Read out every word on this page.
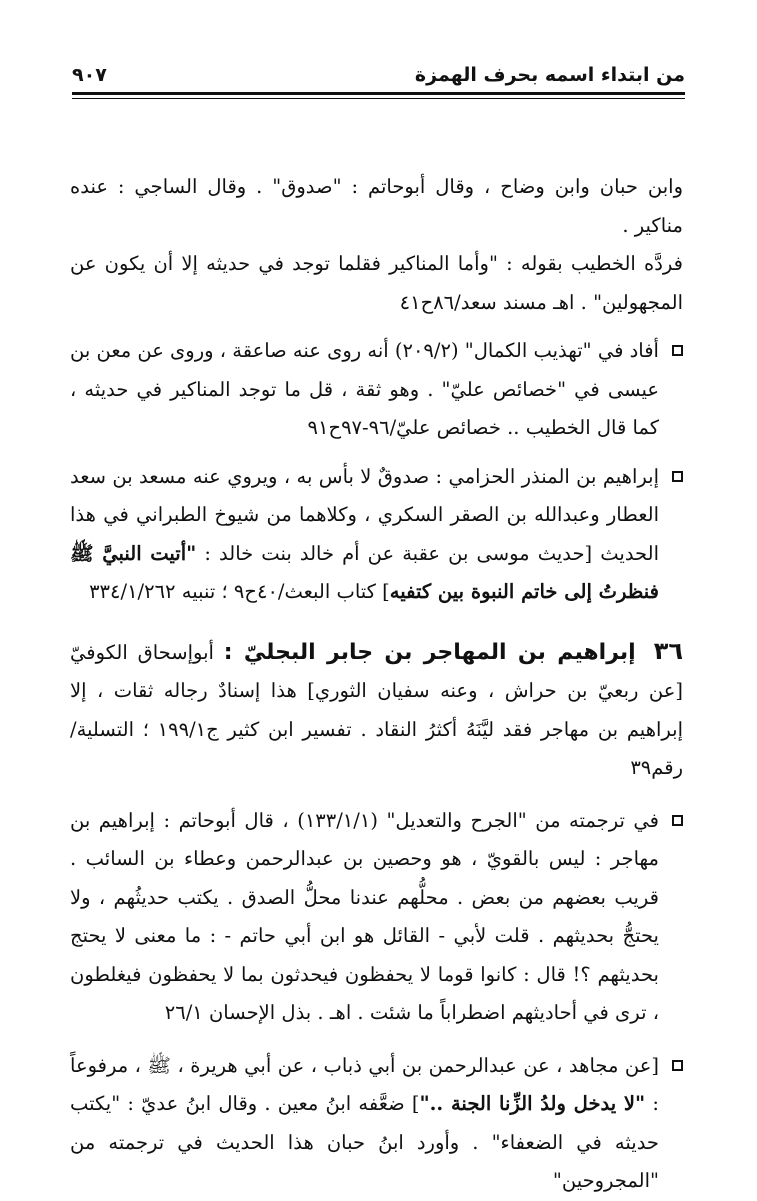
من ابتداء اسمه بحرف الهمزة
٩٠٧

وابن حبان وابن وضاح ، وقال أبوحاتم : "صدوق" . وقال الساجي : عنده مناكير .

فردَّه الخطيب بقوله : "وأما المناكير فقلما توجد في حديثه إلا أن يكون عن المجهولين" . اهـ مسند سعد/٨٦ح٤١

أفاد في "تهذيب الكمال" (٢٠٩/٢) أنه روى عنه صاعقة ، وروى عن معن بن عيسى في "خصائص عليّ" . وهو ثقة ، قل ما توجد المناكير في حديثه ، كما قال الخطيب .. خصائص عليّ/٩٦-٩٧ح٩١

إبراهيم بن المنذر الحزامي : صدوقٌ لا بأس به ، ويروي عنه مسعد بن سعد العطار وعبدالله بن الصقر السكري ، وكلاهما من شيوخ الطبراني في هذا الحديث [حديث موسى بن عقبة عن أم خالد بنت خالد : "أتيت النبيَّ ﷺ فنظرتُ إلى خاتم النبوة بين كتفيه] كتاب البعث/٤٠ح٩ ؛ تنبيه ٣٣٤/١/٢٦٢

٣٦إبراهيم بن المهاجر بن جابر البجليّ : أبوإسحاق الكوفيّ [عن ربعيّ بن حراش ، وعنه سفيان الثوري] هذا إسنادٌ رجاله ثقات ، إلا إبراهيم بن مهاجر فقد ليَّنَهُ أكثرُ النقاد . تفسير ابن كثير ج١٩٩/١ ؛ التسلية/رقم٣٩

في ترجمته من "الجرح والتعديل" (١٣٣/١/١) ، قال أبوحاتم : إبراهيم بن مهاجر : ليس بالقويّ ، هو وحصين بن عبدالرحمن وعطاء بن السائب . قريب بعضهم من بعض . محلُّهم عندنا محلُّ الصدق . يكتب حديثُهم ، ولا يحتجُّ بحديثهم . قلت لأبي - القائل هو ابن أبي حاتم - : ما معنى لا يحتج بحديثهم ؟! قال : كانوا قوما لا يحفظون فيحدثون بما لا يحفظون فيغلطون ، ترى في أحاديثهم اضطراباً ما شئت . اهـ . بذل الإحسان ٢٦/١

[عن مجاهد ، عن عبدالرحمن بن أبي ذباب ، عن أبي هريرة ، ﷺ ، مرفوعاً : "لا يدخل ولدُ الزِّنا الجنة .."] ضعَّفه ابنُ معين . وقال ابنُ عديّ : "يكتب حديثه في الضعفاء" . وأورد ابنُ حبان هذا الحديث في ترجمته من "المجروحين"
